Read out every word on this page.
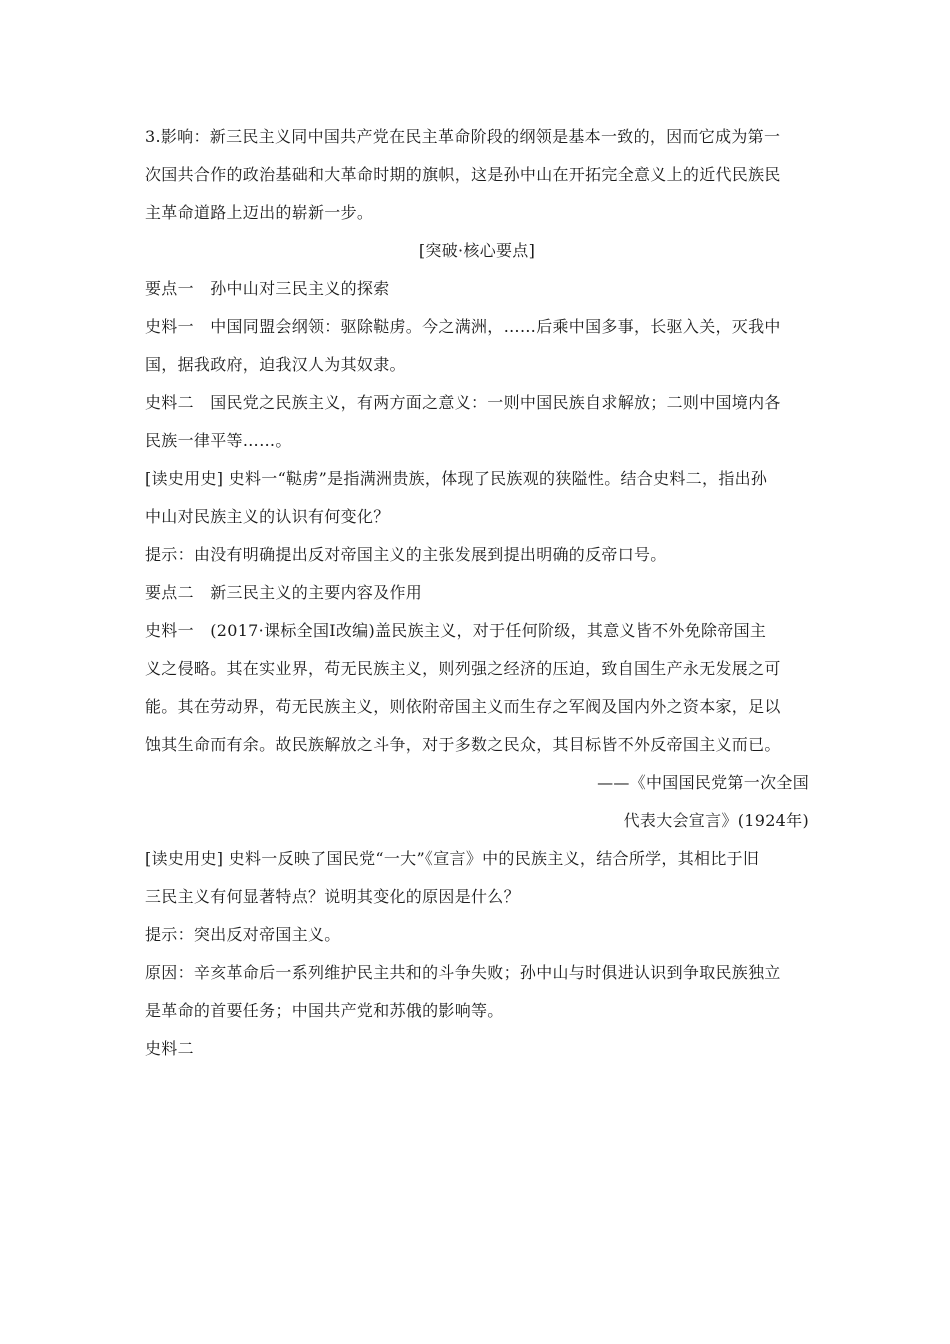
3.影响：新三民主义同中国共产党在民主革命阶段的纲领是基本一致的，因而它成为第一
次国共合作的政治基础和大革命时期的旗帜，这是孙中山在开拓完全意义上的近代民族民
主革命道路上迈出的崭新一步。
[突破·核心要点]
要点一　孙中山对三民主义的探索
史料一　中国同盟会纲领：驱除鞑虏。今之满洲，……后乘中国多事，长驱入关，灭我中
国，据我政府，迫我汉人为其奴隶。
史料二　国民党之民族主义，有两方面之意义：一则中国民族自求解放；二则中国境内各
民族一律平等……。
[读史用史] 史料一“鞑虏”是指满洲贵族，体现了民族观的狭隘性。结合史料二，指出孙
中山对民族主义的认识有何变化？
提示：由没有明确提出反对帝国主义的主张发展到提出明确的反帝口号。
要点二　新三民主义的主要内容及作用
史料一　(2017·课标全国Ⅰ改编)盖民族主义，对于任何阶级，其意义皆不外免除帝国主
义之侵略。其在实业界，苟无民族主义，则列强之经济的压迫，致自国生产永无发展之可
能。其在劳动界，苟无民族主义，则依附帝国主义而生存之军阀及国内外之资本家，足以
蚀其生命而有余。故民族解放之斗争，对于多数之民众，其目标皆不外反帝国主义而已。
——《中国国民党第一次全国
代表大会宣言》(1924年)
[读史用史] 史料一反映了国民党“一大”《宣言》中的民族主义，结合所学，其相比于旧
三民主义有何显著特点？说明其变化的原因是什么？
提示：突出反对帝国主义。
原因：辛亥革命后一系列维护民主共和的斗争失败；孙中山与时俱进认识到争取民族独立
是革命的首要任务；中国共产党和苏俄的影响等。
史料二
